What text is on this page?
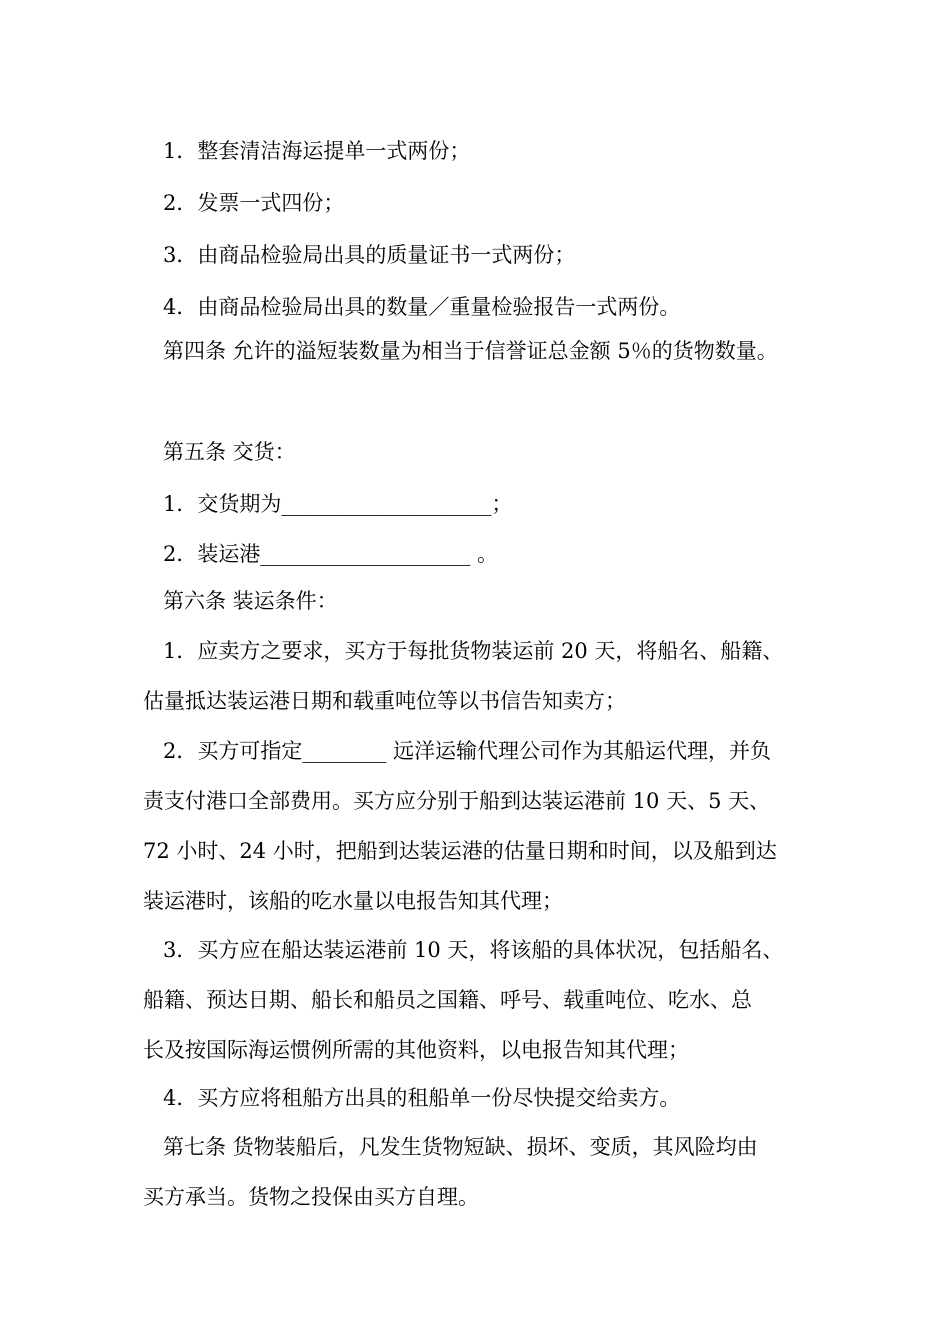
1．整套清洁海运提单一式两份；
2．发票一式四份；
3．由商品检验局出具的质量证书一式两份；
4．由商品检验局出具的数量／重量检验报告一式两份。
第四条 允许的溢短装数量为相当于信誉证总金额 5％的货物数量。
第五条 交货：
1．交货期为____________________；
2．装运港____________________ 。
第六条 装运条件：
1．应卖方之要求，买方于每批货物装运前 20 天，将船名、船籍、
估量抵达装运港日期和载重吨位等以书信告知卖方；
2．买方可指定________ 远洋运输代理公司作为其船运代理，并负
责支付港口全部费用。买方应分别于船到达装运港前 10 天、5 天、
72 小时、24 小时，把船到达装运港的估量日期和时间，以及船到达
装运港时，该船的吃水量以电报告知其代理；
3．买方应在船达装运港前 10 天，将该船的具体状况，包括船名、
船籍、预达日期、船长和船员之国籍、呼号、载重吨位、吃水、总
长及按国际海运惯例所需的其他资料，以电报告知其代理；
4．买方应将租船方出具的租船单一份尽快提交给卖方。
第七条 货物装船后，凡发生货物短缺、损坏、变质，其风险均由
买方承当。货物之投保由买方自理。
